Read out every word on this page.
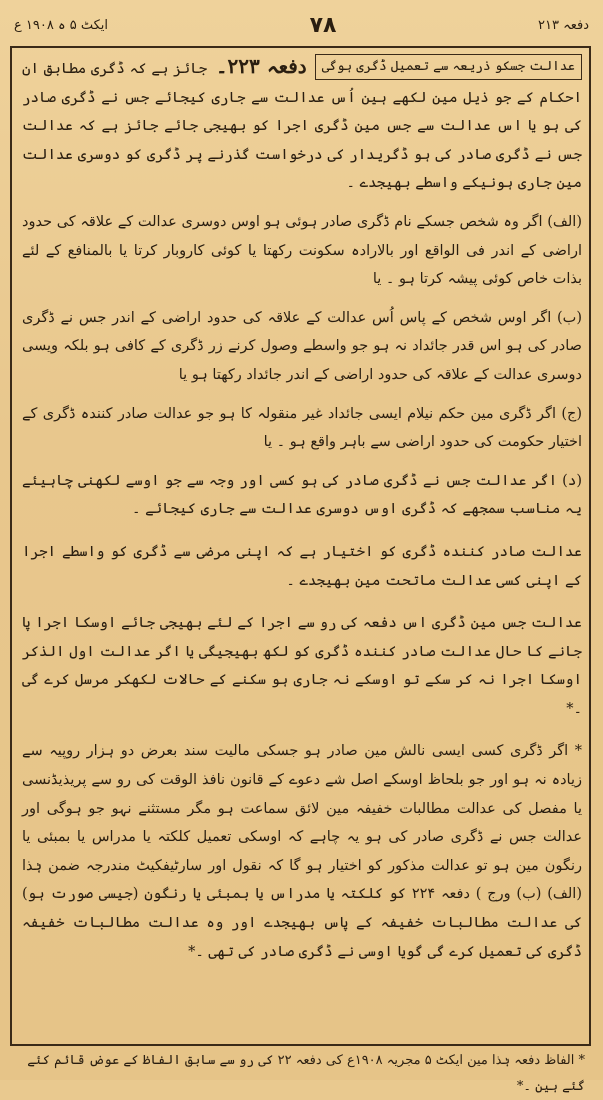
ایکٹ ۵ ہ ۱۹۰۸ ع	۷۸	دفعہ ۲۱۳

عدالت جسکو ذریعہ سے تعمیل ڈگری ہوگی
دفعہ ۲۲۳۔ جائز ہے کہ ڈگری مطابق ان احکام کے جو ذیل مین لکھے ہین اُس عدالت سے جاری کیجائے جس نے ڈگری صادر کی ہو یا اس عدالت سے جس مین ڈگری اجرا کو بھیجی جائے جائز ہے کہ عدالت جس نے ڈگری صادر کی ہو ڈگریدار کی درخواست گذرنے پر ڈگری کو دوسری عدالت مین جاری ہونیکے واسطے بھیجدے ۔

(الف) اگر وہ شخص جسکے نام ڈگری صادر ہوئی ہو اوس دوسری عدالت کے علاقہ کی حدود اراضی کے اندر فی الواقع اور بالارادہ سکونت رکھتا یا کوئی کاروبار کرتا یا بالمنافع کے لئے بذات خاص کوئی پیشہ کرتا ہو ۔ یا

(ب) اگر اوس شخص کے پاس اُس عدالت کے علاقہ کی حدود اراضی کے اندر جس نے ڈگری صادر کی ہو اس قدر جائداد نہ ہو جو واسطے وصول کرنے زر ڈگری کے کافی ہو بلکہ ویسی دوسری عدالت کے علاقہ کی حدود اراضی کے اندر جائداد رکھتا ہو یا

(ج) اگر ڈگری مین حکم نیلام ایسی جائداد غیر منقولہ کا ہو جو عدالت صادر کنندہ ڈگری کے اختیار حکومت کی حدود اراضی سے باہر واقع ہو ۔ یا

(د) اگر عدالت جس نے ڈگری صادر کی ہو کسی اور وجہ سے جو اوسے لکھنی چاہیئے یہ مناسب سمجھے کہ ڈگری اوس دوسری عدالت سے جاری کیجائے ۔

عدالت صادر کنندہ ڈگری کو اختیار ہے کہ اپنی مرضی سے ڈگری کو واسطے اجرا کے اپنی کسی عدالت ماتحت مین بھیجدے ۔

عدالت جس مین ڈگری اس دفعہ کی رو سے اجرا کے لئے بھیجی جائے اوسکا اجرا پا جانے کا حال عدالت صادر کنندہ ڈگری کو لکھ بھیجیگی یا اگر عدالت اول الذکر اوسکا اجرا نہ کر سکے تو اوسکے نہ جاری ہو سکنے کے حالات لکھکر مرسل کرے گی ۔*

* اگر ڈگری کسی ایسی نالش مین صادر ہو جسکی مالیت سند بعرض دو ہزار روپیہ سے زیادہ نہ ہو اور جو بلحاظ اوسکے اصل شے دعوے کے قانون نافذ الوقت کی رو سے پریذیڈنسی یا مفصل کی عدالت مطالبات خفیفہ مین لائق سماعت ہو مگر مستثنے نہو جو ہوگی اور عدالت جس نے ڈگری صادر کی ہو یہ چاہے کہ اوسکی تعمیل کلکتہ یا مدراس یا بمبئی یا رنگون مین ہو تو عدالت مذکور کو اختیار ہو گا کہ نقول اور سارٹیفکیٹ مندرجہ ضمن ہٰذا (الف) (ب) ورج ) دفعہ ۲۲۴ کو کلکتہ یا مدراس یا بمبئی یا رنگون (جیسی صورت ہو) کی عدالت مطالبات خفیفہ کے پاس بھیجدے اور وہ عدالت مطالبات خفیفہ ڈگری کی تعمیل کرے گی گویا اوسی نے ڈگری صادر کی تھی ۔*

* الفاظ دفعہ ہٰذا مین ایکٹ ۵ مجریہ ۱۹۰۸ع کی دفعہ ۲۲ کی رو سے سابق الفاظ کے عوض قائم کئے گئے ہین ۔*
